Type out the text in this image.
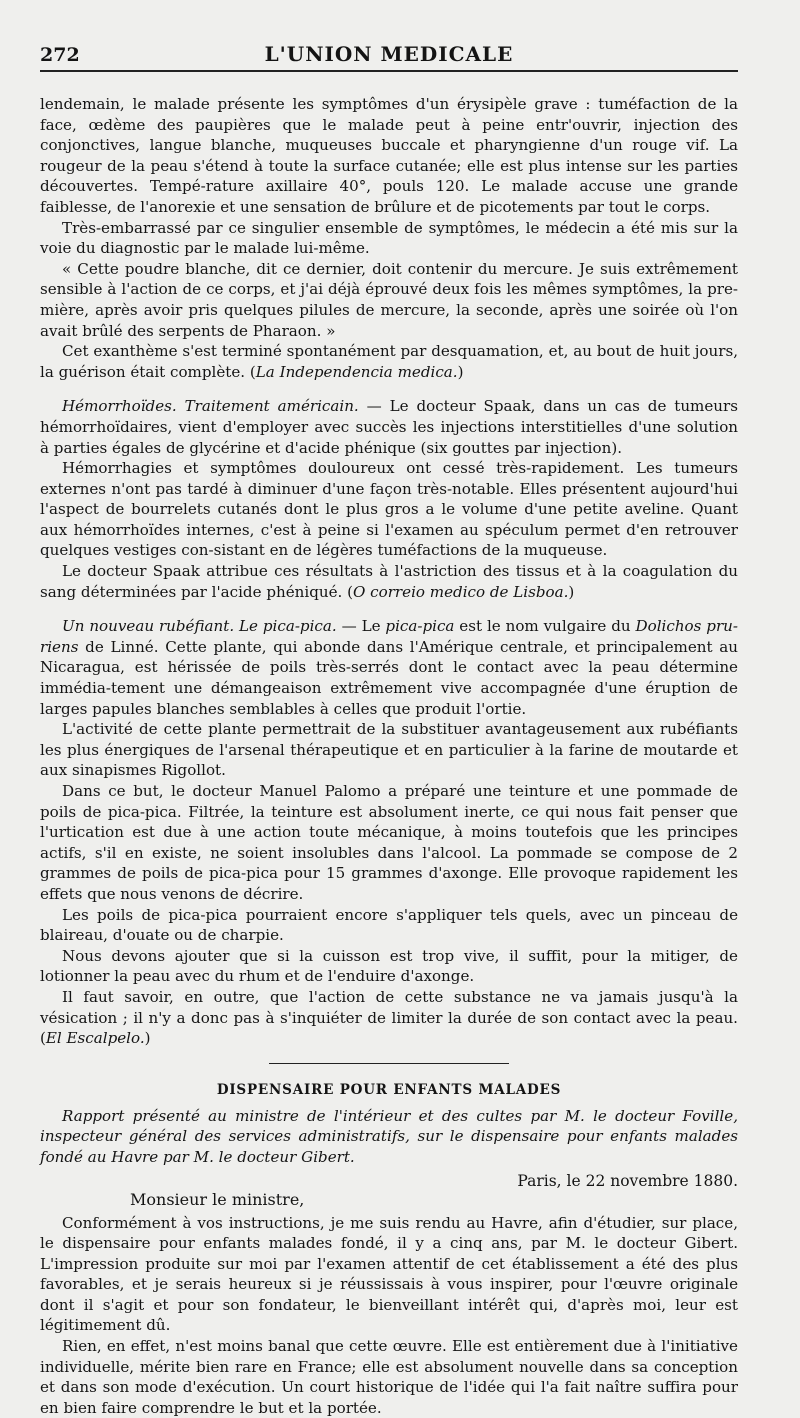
272	L'UNION MEDICALE

lendemain, le malade présente les symptômes d'un érysipèle grave : tuméfaction de la face, œdème des paupières que le malade peut à peine entr'ouvrir, injection des conjonctives, langue blanche, muqueuses buccale et pharyngienne d'un rouge vif. La rougeur de la peau s'étend à toute la surface cutanée; elle est plus intense sur les parties découvertes. Tempé-rature axillaire 40°, pouls 120. Le malade accuse une grande faiblesse, de l'anorexie et une sensation de brûlure et de picotements par tout le corps.

Très-embarrassé par ce singulier ensemble de symptômes, le médecin a été mis sur la voie du diagnostic par le malade lui-même.

« Cette poudre blanche, dit ce dernier, doit contenir du mercure. Je suis extrêmement sensible à l'action de ce corps, et j'ai déjà éprouvé deux fois les mêmes symptômes, la pre-mière, après avoir pris quelques pilules de mercure, la seconde, après une soirée où l'on avait brûlé des serpents de Pharaon. »

Cet exanthème s'est terminé spontanément par desquamation, et, au bout de huit jours, la guérison était complète. (La Independencia medica.)

Hémorrhoïdes. Traitement américain. — Le docteur Spaak, dans un cas de tumeurs hémorrhoïdaires, vient d'employer avec succès les injections interstitielles d'une solution à parties égales de glycérine et d'acide phénique (six gouttes par injection).

Hémorrhagies et symptômes douloureux ont cessé très-rapidement. Les tumeurs externes n'ont pas tardé à diminuer d'une façon très-notable. Elles présentent aujourd'hui l'aspect de bourrelets cutanés dont le plus gros a le volume d'une petite aveline. Quant aux hémorrhoïdes internes, c'est à peine si l'examen au spéculum permet d'en retrouver quelques vestiges con-sistant en de légères tuméfactions de la muqueuse.

Le docteur Spaak attribue ces résultats à l'astriction des tissus et à la coagulation du sang déterminées par l'acide phéniqué. (O correio medico de Lisboa.)

Un nouveau rubéfiant. Le pica-pica. — Le pica-pica est le nom vulgaire du Dolichos pru-riens de Linné. Cette plante, qui abonde dans l'Amérique centrale, et principalement au Nicaragua, est hérissée de poils très-serrés dont le contact avec la peau détermine immédia-tement une démangeaison extrêmement vive accompagnée d'une éruption de larges papules blanches semblables à celles que produit l'ortie.

L'activité de cette plante permettrait de la substituer avantageusement aux rubéfiants les plus énergiques de l'arsenal thérapeutique et en particulier à la farine de moutarde et aux sinapismes Rigollot.

Dans ce but, le docteur Manuel Palomo a préparé une teinture et une pommade de poils de pica-pica. Filtrée, la teinture est absolument inerte, ce qui nous fait penser que l'urtication est due à une action toute mécanique, à moins toutefois que les principes actifs, s'il en existe, ne soient insolubles dans l'alcool. La pommade se compose de 2 grammes de poils de pica-pica pour 15 grammes d'axonge. Elle provoque rapidement les effets que nous venons de décrire.

Les poils de pica-pica pourraient encore s'appliquer tels quels, avec un pinceau de blaireau, d'ouate ou de charpie.

Nous devons ajouter que si la cuisson est trop vive, il suffit, pour la mitiger, de lotionner la peau avec du rhum et de l'enduire d'axonge.

Il faut savoir, en outre, que l'action de cette substance ne va jamais jusqu'à la vésication ; il n'y a donc pas à s'inquiéter de limiter la durée de son contact avec la peau. (El Escalpelo.)

DISPENSAIRE POUR ENFANTS MALADES

Rapport présenté au ministre de l'intérieur et des cultes par M. le docteur Foville, inspecteur général des services administratifs, sur le dispensaire pour enfants malades fondé au Havre par M. le docteur Gibert.

Paris, le 22 novembre 1880.
Monsieur le ministre,

Conformément à vos instructions, je me suis rendu au Havre, afin d'étudier, sur place, le dispensaire pour enfants malades fondé, il y a cinq ans, par M. le docteur Gibert. L'impression produite sur moi par l'examen attentif de cet établissement a été des plus favorables, et je serais heureux si je réussissais à vous inspirer, pour l'œuvre originale dont il s'agit et pour son fondateur, le bienveillant intérêt qui, d'après moi, leur est légitimement dû.

Rien, en effet, n'est moins banal que cette œuvre. Elle est entièrement due à l'initiative individuelle, mérite bien rare en France; elle est absolument nouvelle dans sa conception et dans son mode d'exécution. Un court historique de l'idée qui l'a fait naître suffira pour en bien faire comprendre le but et la portée.
